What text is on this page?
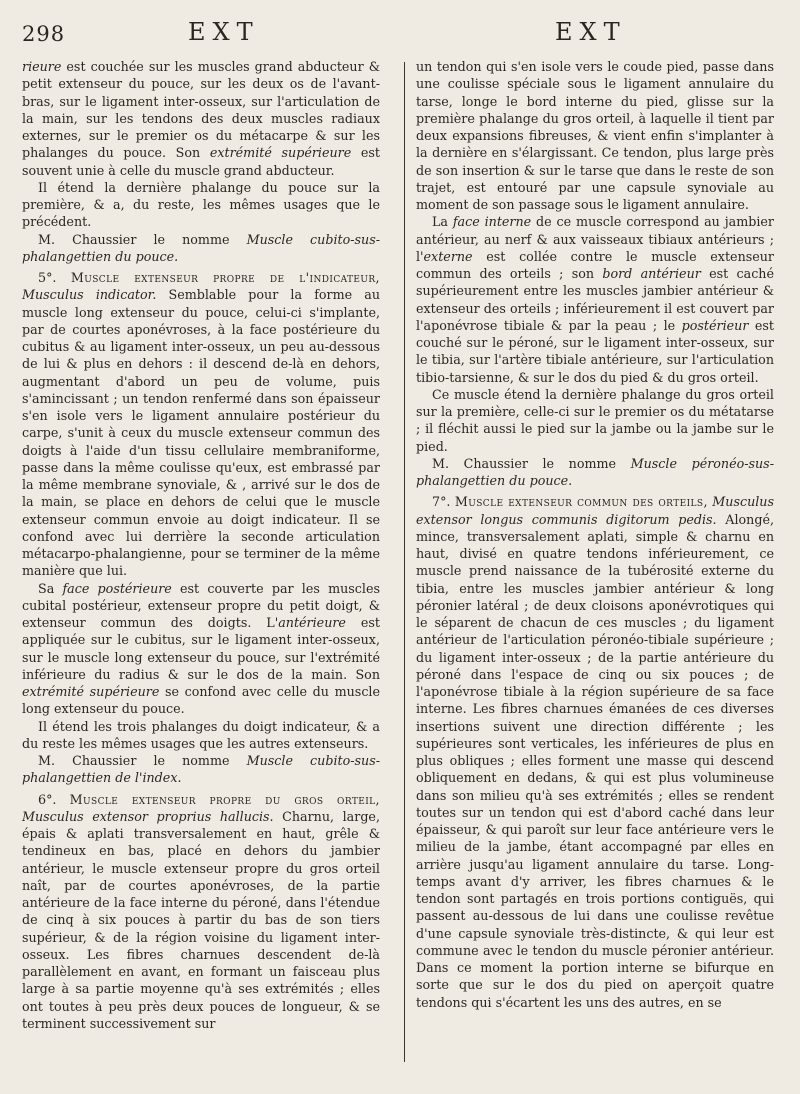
298	EXT	EXT

rieure est couchée sur les muscles grand abducteur & petit extenseur du pouce, sur les deux os de l'avant-bras, sur le ligament inter-osseux, sur l'articulation de la main, sur les tendons des deux muscles radiaux externes, sur le premier os du métacarpe & sur les phalanges du pouce. Son extrémité supérieure est souvent unie à celle du muscle grand abducteur.

Il étend la dernière phalange du pouce sur la première, & a, du reste, les mêmes usages que le précédent.

M. Chaussier le nomme Muscle cubito-sus-phalangettien du pouce.

5°. Muscle extenseur propre de l'indicateur, Musculus indicator. Semblable pour la forme au muscle long extenseur du pouce, celui-ci s'implante, par de courtes aponévroses, à la face postérieure du cubitus & au ligament inter-osseux, un peu au-dessous de lui & plus en dehors : il descend de-là en dehors, augmentant d'abord un peu de volume, puis s'amincissant ; un tendon renfermé dans son épaisseur s'en isole vers le ligament annulaire postérieur du carpe, s'unit à ceux du muscle extenseur commun des doigts à l'aide d'un tissu cellulaire membraniforme, passe dans la même coulisse qu'eux, est embrassé par la même membrane synoviale, & , arrivé sur le dos de la main, se place en dehors de celui que le muscle extenseur commun envoie au doigt indicateur. Il se confond avec lui derrière la seconde articulation métacarpo-phalangienne, pour se terminer de la même manière que lui.

Sa face postérieure est couverte par les muscles cubital postérieur, extenseur propre du petit doigt, & extenseur commun des doigts. L'antérieure est appliquée sur le cubitus, sur le ligament inter-osseux, sur le muscle long extenseur du pouce, sur l'extrémité inférieure du radius & sur le dos de la main. Son extrémité supérieure se confond avec celle du muscle long extenseur du pouce.

Il étend les trois phalanges du doigt indicateur, & a du reste les mêmes usages que les autres extenseurs.

M. Chaussier le nomme Muscle cubito-sus-phalangettien de l'index.

6°. Muscle extenseur propre du gros orteil, Musculus extensor proprius hallucis. Charnu, large, épais & aplati transversalement en haut, grêle & tendineux en bas, placé en dehors du jambier antérieur, le muscle extenseur propre du gros orteil naît, par de courtes aponévroses, de la partie antérieure de la face interne du péroné, dans l'étendue de cinq à six pouces à partir du bas de son tiers supérieur, & de la région voisine du ligament inter-osseux. Les fibres charnues descendent de-là parallèlement en avant, en formant un faisceau plus large à sa partie moyenne qu'à ses extrémités ; elles ont toutes à peu près deux pouces de longueur, & se terminent successivement sur

un tendon qui s'en isole vers le coude pied, passe dans une coulisse spéciale sous le ligament annulaire du tarse, longe le bord interne du pied, glisse sur la première phalange du gros orteil, à laquelle il tient par deux expansions fibreuses, & vient enfin s'implanter à la dernière en s'élargissant. Ce tendon, plus large près de son insertion & sur le tarse que dans le reste de son trajet, est entouré par une capsule synoviale au moment de son passage sous le ligament annulaire.

La face interne de ce muscle correspond au jambier antérieur, au nerf & aux vaisseaux tibiaux antérieurs ; l'externe est collée contre le muscle extenseur commun des orteils ; son bord antérieur est caché supérieurement entre les muscles jambier antérieur & extenseur des orteils ; inférieurement il est couvert par l'aponévrose tibiale & par la peau ; le postérieur est couché sur le péroné, sur le ligament inter-osseux, sur le tibia, sur l'artère tibiale antérieure, sur l'articulation tibio-tarsienne, & sur le dos du pied & du gros orteil.

Ce muscle étend la dernière phalange du gros orteil sur la première, celle-ci sur le premier os du métatarse ; il fléchit aussi le pied sur la jambe ou la jambe sur le pied.

M. Chaussier le nomme Muscle péronéo-sus-phalangettien du pouce.

7°. Muscle extenseur commun des orteils, Musculus extensor longus communis digitorum pedis. Alongé, mince, transversalement aplati, simple & charnu en haut, divisé en quatre tendons inférieurement, ce muscle prend naissance de la tubérosité externe du tibia, entre les muscles jambier antérieur & long péronier latéral ; de deux cloisons aponévrotiques qui le séparent de chacun de ces muscles ; du ligament antérieur de l'articulation péronéo-tibiale supérieure ; du ligament inter-osseux ; de la partie antérieure du péroné dans l'espace de cinq ou six pouces ; de l'aponévrose tibiale à la région supérieure de sa face interne. Les fibres charnues émanées de ces diverses insertions suivent une direction différente ; les supérieures sont verticales, les inférieures de plus en plus obliques ; elles forment une masse qui descend obliquement en dedans, & qui est plus volumineuse dans son milieu qu'à ses extrémités ; elles se rendent toutes sur un tendon qui est d'abord caché dans leur épaisseur, & qui paroît sur leur face antérieure vers le milieu de la jambe, étant accompagné par elles en arrière jusqu'au ligament annulaire du tarse. Long-temps avant d'y arriver, les fibres charnues & le tendon sont partagés en trois portions contiguës, qui passent au-dessous de lui dans une coulisse revêtue d'une capsule synoviale très-distincte, & qui leur est commune avec le tendon du muscle péronier antérieur. Dans ce moment la portion interne se bifurque en sorte que sur le dos du pied on aperçoit quatre tendons qui s'écartent les uns des autres, en se
